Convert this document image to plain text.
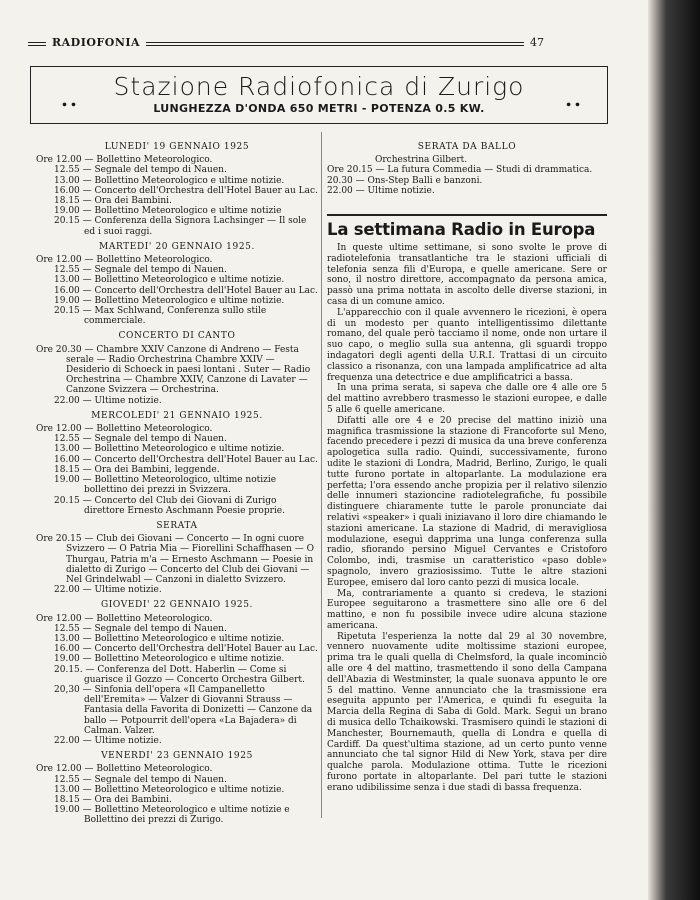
RADIOFONIA	47
..	Stazione Radiofonica di Zurigo
LUNGHEZZA D'ONDA 650 METRI - POTENZA 0.5 KW.	..
LUNEDI' 19 GENNAIO 1925
Ore 12.00 — Bollettino Meteorologico.
12.55 — Segnale del tempo di Nauen.
13.00 — Bollettino Meteorologico e ultime notizie.
16.00 — Concerto dell'Orchestra dell'Hotel Bauer au Lac.
18.15 — Ora dei Bambini.
19.00 — Bollettino Meteorologico e ultime notizie
20.15 — Conferenza della Signora Lachsinger — Il sole ed i suoi raggi.
MARTEDI' 20 GENNAIO 1925.
Ore 12.00 — Bollettino Meteorologico.
12.55 — Segnale del tempo di Nauen.
13.00 — Bollettino Meteorologico e ultime notizie.
16.00 — Concerto dell'Orchestra dell'Hotel Bauer au Lac.
19.00 — Bollettino Meteorologico e ultime notizie.
20.15 — Max Schlwand, Conferenza sullo stile commerciale.
CONCERTO DI CANTO
Ore 20.30 — Chambre XXIV Canzone di Andreno — Festa serale — Radio Orchestrina Chambre XXIV — Desiderio di Schoeck in paesi lontani . Suter — Radio Orchestrina — Chambre XXIV, Canzone di Lavater — Canzone Svizzera — Orchestrina.
22.00 — Ultime notizie.
MERCOLEDI' 21 GENNAIO 1925.
Ore 12.00 — Bollettino Meteorologico.
12.55 — Segnale del tempo di Nauen.
13.00 — Bollettino Meteorologico e ultime notizie.
16.00 — Concerto dell'Orchestra dell'Hotel Bauer au Lac.
18.15 — Ora dei Bambini, leggende.
19.00 — Bollettino Meteorologico, ultime notizie bollettino dei prezzi in Svizzera.
20.15 — Concerto del Club dei Giovani di Zurigo direttore Ernesto Aschmann Poesie proprie.
SERATA
Ore 20.15 — Club dei Giovani — Concerto — In ogni cuore Svizzero — O Patria Mia — Fiorellini Schaffhasen — O Thurgau, Patria m'a — Ernesto Aschmann — Poesie in dialetto di Zurigo — Concerto del Club dei Giovani — Nel Grindelwabl — Canzoni in dialetto Svizzero.
22.00 — Ultime notizie.
GIOVEDI' 22 GENNAIO 1925.
Ore 12.00 — Bollettino Meteorologico.
12.55 — Segnale del tempo di Nauen.
13.00 — Bollettino Meteorologico e ultime notizie.
16.00 — Concerto dell'Orchestra dell'Hotel Bauer au Lac.
19.00 — Bollettino Meteorologico e ultime notizie.
20.15. — Conferenza del Dott. Haberlin — Come si guarisce il Gozzo — Concerto Orchestra Gilbert.
20,30 — Sinfonia dell'opera «Il Campanelletto dell'Eremita» — Valzer di Giovanni Strauss — Fantasia della Favorita di Donizetti — Canzone da ballo — Potpourrit dell'opera «La Bajadera» di Calman. Valzer.
22.00 — Ultime notizie.
VENERDI' 23 GENNAIO 1925
Ore 12.00 — Bollettino Meteorologico.
12.55 — Segnale del tempo di Nauen.
13.00 — Bollettino Meteorologico e ultime notizie.
18.15 — Ora dei Bambini.
19.00 — Bollettino Meteorologico e ultime notizie e Bollettino dei prezzi di Zurigo.
SERATA DA BALLO
Orchestrina Gilbert.
Ore 20.15 — La futura Commedia — Studi di drammatica.
20.30 — Ons-Step Balli e banzoni.
22.00 — Ultime notizie.
La settimana Radio in Europa

In queste ultime settimane, si sono svolte le prove di radiotelefonia transatlantiche tra le stazioni ufficiali di telefonia senza fili d'Europa, e quelle americane. Sere or sono, il nostro direttore, accompagnato da persona amica, passò una prima nottata in ascolto delle diverse stazioni, in casa di un comune amico.

L'apparecchio con il quale avvennero le ricezioni, è opera di un modesto per quanto intelligentissimo dilettante romano, del quale però tacciamo il nome, onde non urtare il suo capo, o meglio sulla sua antenna, gli sguardi troppo indagatori degli agenti della U.R.I. Trattasi di un circuito classico a risonanza, con una lampada amplificatrice ad alta frequenza una detectrice e due amplificatrici a bassa.

In una prima serata, si sapeva che dalle ore 4 alle ore 5 del mattino avrebbero trasmesso le stazioni europee, e dalle 5 alle 6 quelle americane.

Difatti alle ore 4 e 20 precise del mattino iniziò una magnifica trasmissione la stazione di Francoforte sul Meno, facendo precedere i pezzi di musica da una breve conferenza apologetica sulla radio. Quindi, successivamente, furono udite le stazioni di Londra, Madrid, Berlino, Zurigo, le quali tutte furono portate in altoparlante. La modulazione era perfetta; l'ora essendo anche propizia per il relativo silenzio delle innumeri stazioncine radiotelegrafiche, fu possibile distinguere chiaramente tutte le parole pronunciate dai relativi «speaker» i quali iniziavano il loro dire chiamando le stazioni americane. La stazione di Madrid, di meravigliosa modulazione, eseguì dapprima una lunga conferenza sulla radio, sfiorando persino Miguel Cervantes e Cristoforo Colombo, indi, trasmise un caratteristico «paso doble» spagnolo, invero graziosissimo. Tutte le altre stazioni Europee, emisero dal loro canto pezzi di musica locale.

Ma, contrariamente a quanto si credeva, le stazioni Europee seguitarono a trasmettere sino alle ore 6 del mattino, e non fu possibile invece udire alcuna stazione americana.

Ripetuta l'esperienza la notte dal 29 al 30 novembre, vennero nuovamente udite moltissime stazioni europee, prima tra le quali quella di Chelmsford, la quale incominciò alle ore 4 del mattino, trasmettendo il sono della Campana dell'Abazia di Westminster, la quale suonava appunto le ore 5 del mattino. Venne annunciato che la trasmissione era eseguita appunto per l'America, e quindi fu eseguita la Marcia della Regina di Saba di Gold. Mark. Seguì un brano di musica dello Tchaikowski. Trasmisero quindi le stazioni di Manchester, Bournemauth, quella di Londra e quella di Cardiff. Da quest'ultima stazione, ad un certo punto venne annunciato che tal signor Hild di New York, stava per dire qualche parola. Modulazione ottima. Tutte le ricezioni furono portate in altoparlante. Del pari tutte le stazioni erano udibilissime senza i due stadi di bassa frequenza.
